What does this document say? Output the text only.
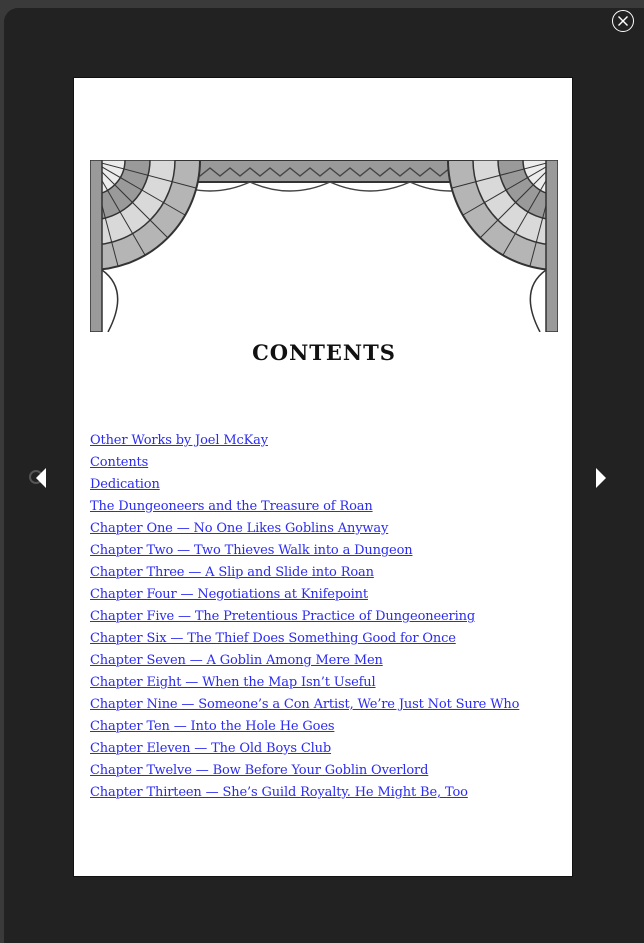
CONTENTS
Other Works by Joel McKay
Contents
Dedication
The Dungeoneers and the Treasure of Roan
Chapter One — No One Likes Goblins Anyway
Chapter Two — Two Thieves Walk into a Dungeon
Chapter Three — A Slip and Slide into Roan
Chapter Four — Negotiations at Knifepoint
Chapter Five — The Pretentious Practice of Dungeoneering
Chapter Six — The Thief Does Something Good for Once
Chapter Seven — A Goblin Among Mere Men
Chapter Eight — When the Map Isn’t Useful
Chapter Nine — Someone’s a Con Artist, We’re Just Not Sure Who
Chapter Ten — Into the Hole He Goes
Chapter Eleven — The Old Boys Club
Chapter Twelve — Bow Before Your Goblin Overlord
Chapter Thirteen — She’s Guild Royalty. He Might Be, Too
